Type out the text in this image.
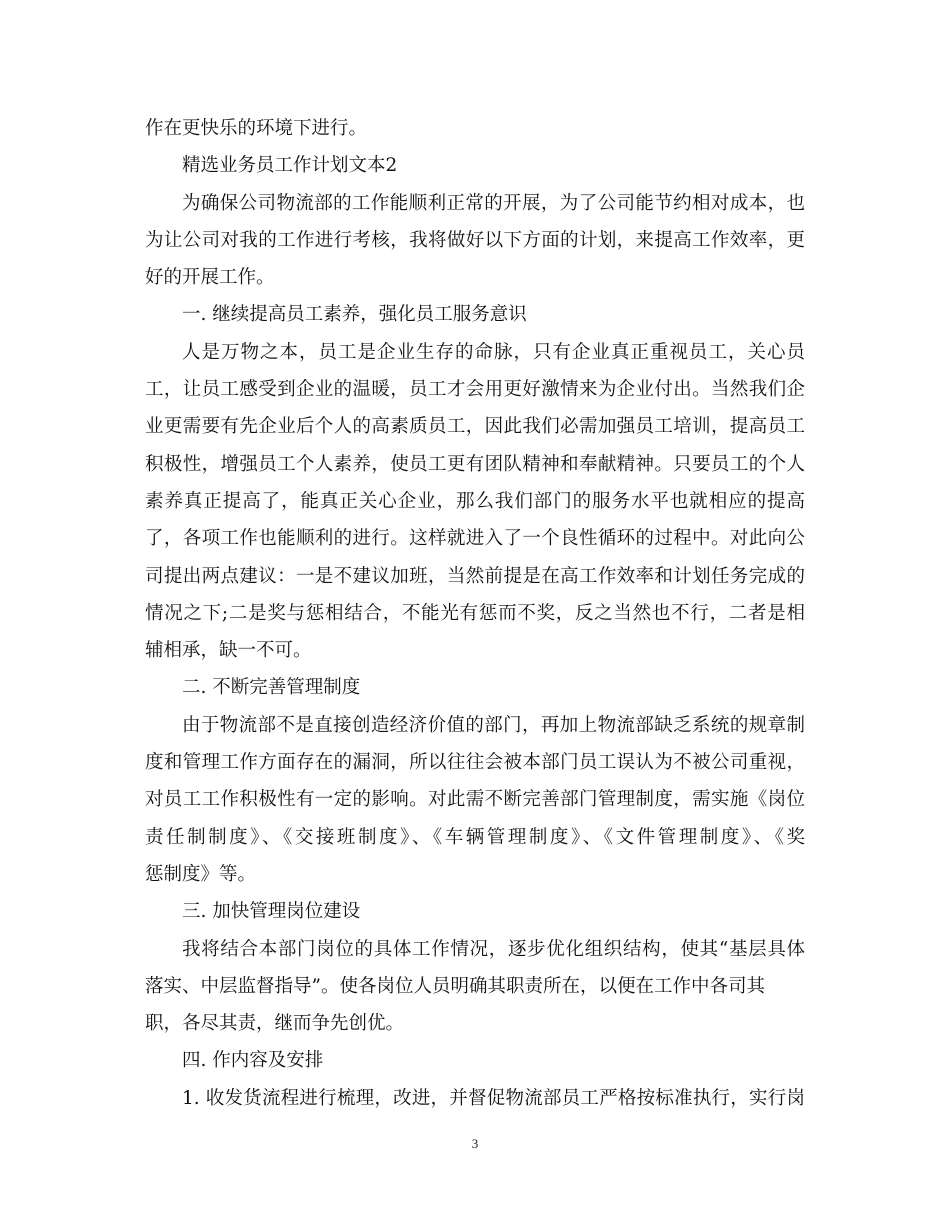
作在更快乐的环境下进行。
精选业务员工作计划文本2
为确保公司物流部的工作能顺利正常的开展，为了公司能节约相对成本，也
为让公司对我的工作进行考核，我将做好以下方面的计划，来提高工作效率，更
好的开展工作。
一. 继续提高员工素养，强化员工服务意识
人是万物之本，员工是企业生存的命脉，只有企业真正重视员工，关心员
工，让员工感受到企业的温暖，员工才会用更好激情来为企业付出。当然我们企
业更需要有先企业后个人的高素质员工，因此我们必需加强员工培训，提高员工
积极性，增强员工个人素养，使员工更有团队精神和奉献精神。只要员工的个人
素养真正提高了，能真正关心企业，那么我们部门的服务水平也就相应的提高
了，各项工作也能顺利的进行。这样就进入了一个良性循环的过程中。对此向公
司提出两点建议：一是不建议加班，当然前提是在高工作效率和计划任务完成的
情况之下;二是奖与惩相结合，不能光有惩而不奖，反之当然也不行，二者是相
辅相承，缺一不可。
二. 不断完善管理制度
由于物流部不是直接创造经济价值的部门，再加上物流部缺乏系统的规章制
度和管理工作方面存在的漏洞，所以往往会被本部门员工误认为不被公司重视，
对员工工作积极性有一定的影响。对此需不断完善部门管理制度，需实施《岗位
责任制制度》、《交接班制度》、《车辆管理制度》、《文件管理制度》、《奖
惩制度》等。
三. 加快管理岗位建设
我将结合本部门岗位的具体工作情况，逐步优化组织结构，使其“基层具体
落实、中层监督指导”。使各岗位人员明确其职责所在，以便在工作中各司其
职，各尽其责，继而争先创优。
四. 作内容及安排
1. 收发货流程进行梳理，改进，并督促物流部员工严格按标准执行，实行岗
3
